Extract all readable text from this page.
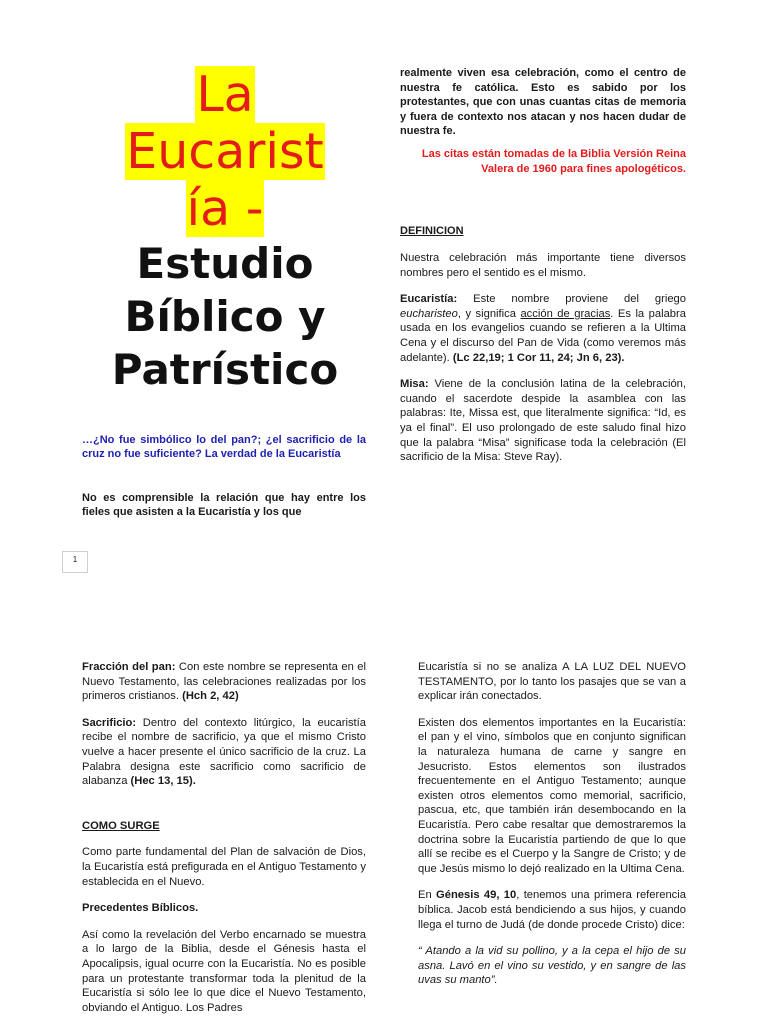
La
Eucarist
ía -
Estudio
Bíblico y
Patrístico

…¿No fue simbólico lo del pan?; ¿el sacrificio de la cruz no fue suficiente? La verdad de la Eucaristía

No es comprensible la relación que hay entre los fieles que asisten a la Eucaristía y los que

1

realmente viven esa celebración, como el centro de nuestra fe católica. Esto es sabido por los protestantes, que con unas cuantas citas de memoria y fuera de contexto nos atacan y nos hacen dudar de nuestra fe.

Las citas están tomadas de la Biblia Versión Reina Valera de 1960 para fines apologéticos.

DEFINICION

Nuestra celebración más importante tiene diversos nombres pero el sentido es el mismo.

Eucaristía: Este nombre proviene del griego eucharisteo, y significa acción de gracias. Es la palabra usada en los evangelios cuando se refieren a la Ultima Cena y el discurso del Pan de Vida (como veremos más adelante). (Lc 22,19; 1 Cor 11, 24; Jn 6, 23).

Misa: Viene de la conclusión latina de la celebración, cuando el sacerdote despide la asamblea con las palabras: Ite, Missa est, que literalmente significa: “Id, es ya el final”. El uso prolongado de este saludo final hizo que la palabra “Misa” significase toda la celebración (El sacrificio de la Misa: Steve Ray).

Fracción del pan: Con este nombre se representa en el Nuevo Testamento, las celebraciones realizadas por los primeros cristianos. (Hch 2, 42)

Sacrificio: Dentro del contexto litúrgico, la eucaristía recibe el nombre de sacrificio, ya que el mismo Cristo vuelve a hacer presente el único sacrificio de la cruz. La Palabra designa este sacrificio como sacrificio de alabanza (Hec 13, 15).

COMO SURGE

Como parte fundamental del Plan de salvación de Dios, la Eucaristía está prefigurada en el Antiguo Testamento y establecida en el Nuevo.

Precedentes Bíblicos.

Así como la revelación del Verbo encarnado se muestra a lo largo de la Biblia, desde el Génesis hasta el Apocalipsis, igual ocurre con la Eucaristía. No es posible para un protestante transformar toda la plenitud de la Eucaristía si sólo lee lo que dice el Nuevo Testamento, obviando el Antiguo. Los Padres

Eucaristía si no se analiza A LA LUZ DEL NUEVO TESTAMENTO, por lo tanto los pasajes que se van a explicar irán conectados.

Existen dos elementos importantes en la Eucaristía: el pan y el vino, símbolos que en conjunto significan la naturaleza humana de carne y sangre en Jesucristo. Estos elementos son ilustrados frecuentemente en el Antiguo Testamento; aunque existen otros elementos como memorial, sacrificio, pascua, etc, que también irán desembocando en la Eucaristía. Pero cabe resaltar que demostraremos la doctrina sobre la Eucaristía partiendo de que lo que allí se recibe es el Cuerpo y la Sangre de Cristo; y de que Jesús mismo lo dejó realizado en la Ultima Cena.

En Génesis 49, 10, tenemos una primera referencia bíblica. Jacob está bendiciendo a sus hijos, y cuando llega el turno de Judá (de donde procede Cristo) dice:

“ Atando a la vid su pollino, y a la cepa el hijo de su asna. Lavó en el vino su vestido, y en sangre de las uvas su manto”.
